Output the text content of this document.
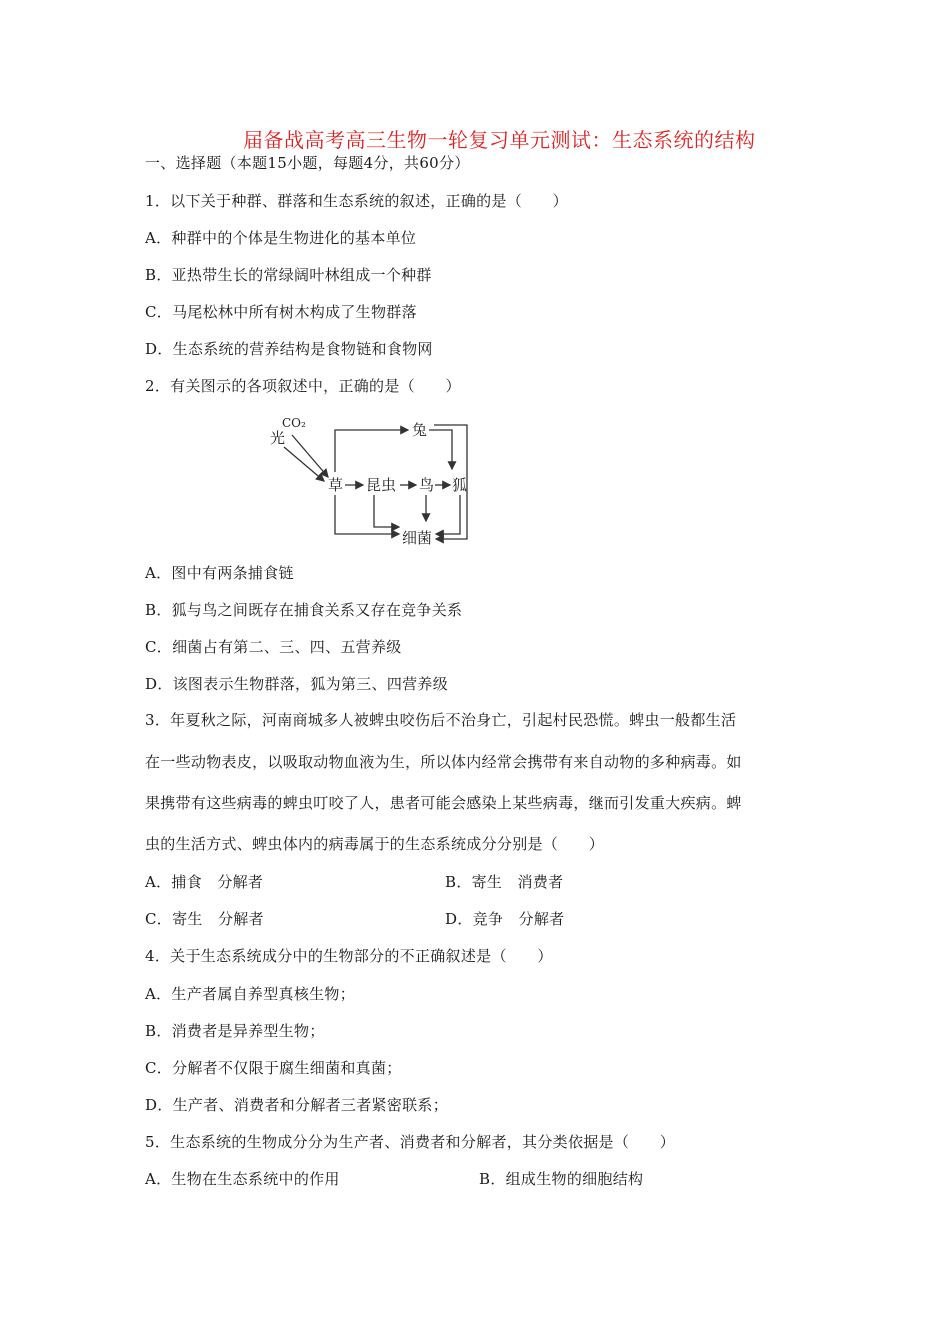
届备战高考高三生物一轮复习单元测试：生态系统的结构
一、选择题（本题15小题，每题4分，共60分）
1．以下关于种群、群落和生态系统的叙述，正确的是（　　）
A．种群中的个体是生物进化的基本单位
B．亚热带生长的常绿阔叶林组成一个种群
C．马尾松林中所有树木构成了生物群落
D．生态系统的营养结构是食物链和食物网
2．有关图示的各项叙述中，正确的是（　　）
CO₂
光	兔
草 昆虫 鸟 狐
细菌
A．图中有两条捕食链
B．狐与鸟之间既存在捕食关系又存在竞争关系
C．细菌占有第二、三、四、五营养级
D．该图表示生物群落，狐为第三、四营养级
3．年夏秋之际，河南商城多人被蜱虫咬伤后不治身亡，引起村民恐慌。蜱虫一般都生活
在一些动物表皮，以吸取动物血液为生，所以体内经常会携带有来自动物的多种病毒。如
果携带有这些病毒的蜱虫叮咬了人，患者可能会感染上某些病毒，继而引发重大疾病。蜱
虫的生活方式、蜱虫体内的病毒属于的生态系统成分分别是（　　）
A．捕食　分解者	B．寄生　消费者
C．寄生　分解者	D．竞争　分解者
4．关于生态系统成分中的生物部分的不正确叙述是（　　）
A．生产者属自养型真核生物；
B．消费者是异养型生物；
C．分解者不仅限于腐生细菌和真菌；
D．生产者、消费者和分解者三者紧密联系；
5．生态系统的生物成分分为生产者、消费者和分解者，其分类依据是（　　）
A．生物在生态系统中的作用	B．组成生物的细胞结构
